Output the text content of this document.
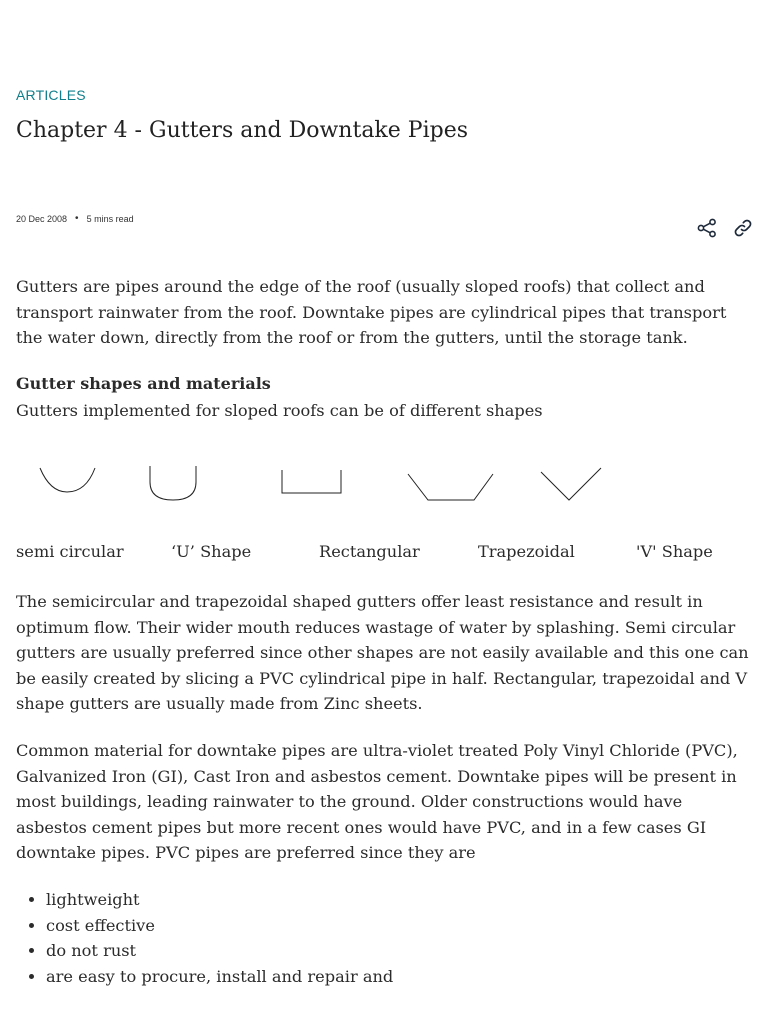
ARTICLES
Chapter 4 - Gutters and Downtake Pipes
20 Dec 2008 • 5 mins read

Gutters are pipes around the edge of the roof (usually sloped roofs) that collect and transport rainwater from the roof. Downtake pipes are cylindrical pipes that transport the water down, directly from the roof or from the gutters, until the storage tank.

Gutter shapes and materials

Gutters implemented for sloped roofs can be of different shapes

semi circular	‘U’ Shape	Rectangular	Trapezoidal	'V' Shape

The semicircular and trapezoidal shaped gutters offer least resistance and result in optimum flow. Their wider mouth reduces wastage of water by splashing. Semi circular gutters are usually preferred since other shapes are not easily available and this one can be easily created by slicing a PVC cylindrical pipe in half. Rectangular, trapezoidal and V shape gutters are usually made from Zinc sheets.

Common material for downtake pipes are ultra-violet treated Poly Vinyl Chloride (PVC), Galvanized Iron (GI), Cast Iron and asbestos cement. Downtake pipes will be present in most buildings, leading rainwater to the ground. Older constructions would have asbestos cement pipes but more recent ones would have PVC, and in a few cases GI downtake pipes. PVC pipes are preferred since they are

• lightweight
• cost effective
• do not rust
• are easy to procure, install and repair and
